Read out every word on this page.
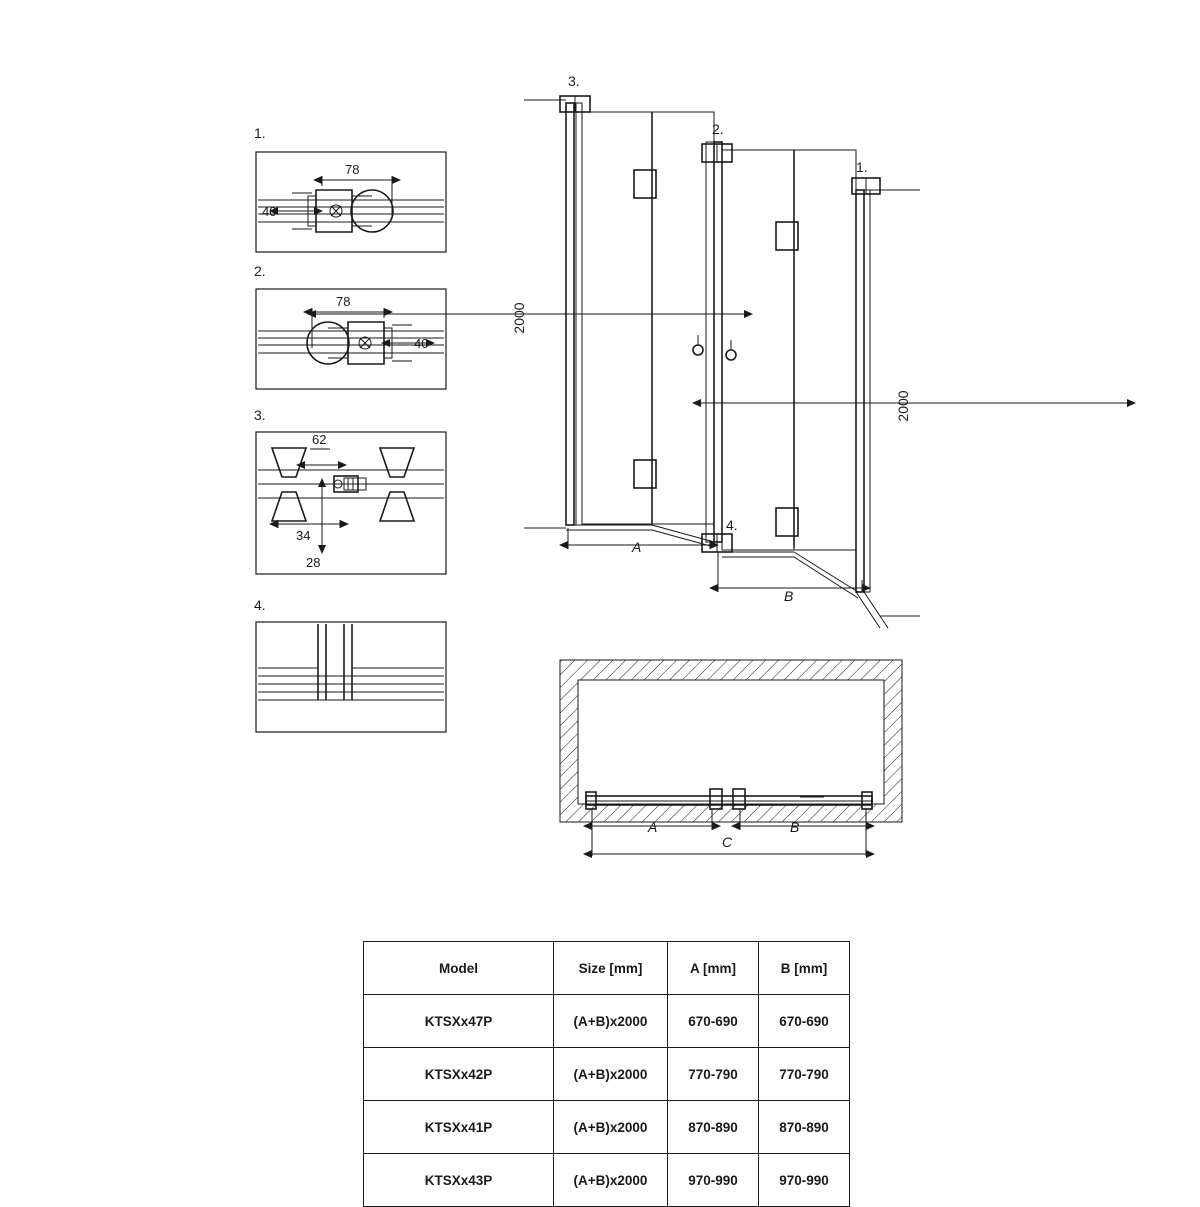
78
40
1.
78
40
2.
62
34
28
3.
4.
3.
2.
1.
4.
2000
2000
A
B
A	B
C
Model	Size [mm]	A [mm]	B [mm]
KTSXx47P	(A+B)x2000	670-690	670-690
KTSXx42P	(A+B)x2000	770-790	770-790
KTSXx41P	(A+B)x2000	870-890	870-890
KTSXx43P	(A+B)x2000	970-990	970-990
